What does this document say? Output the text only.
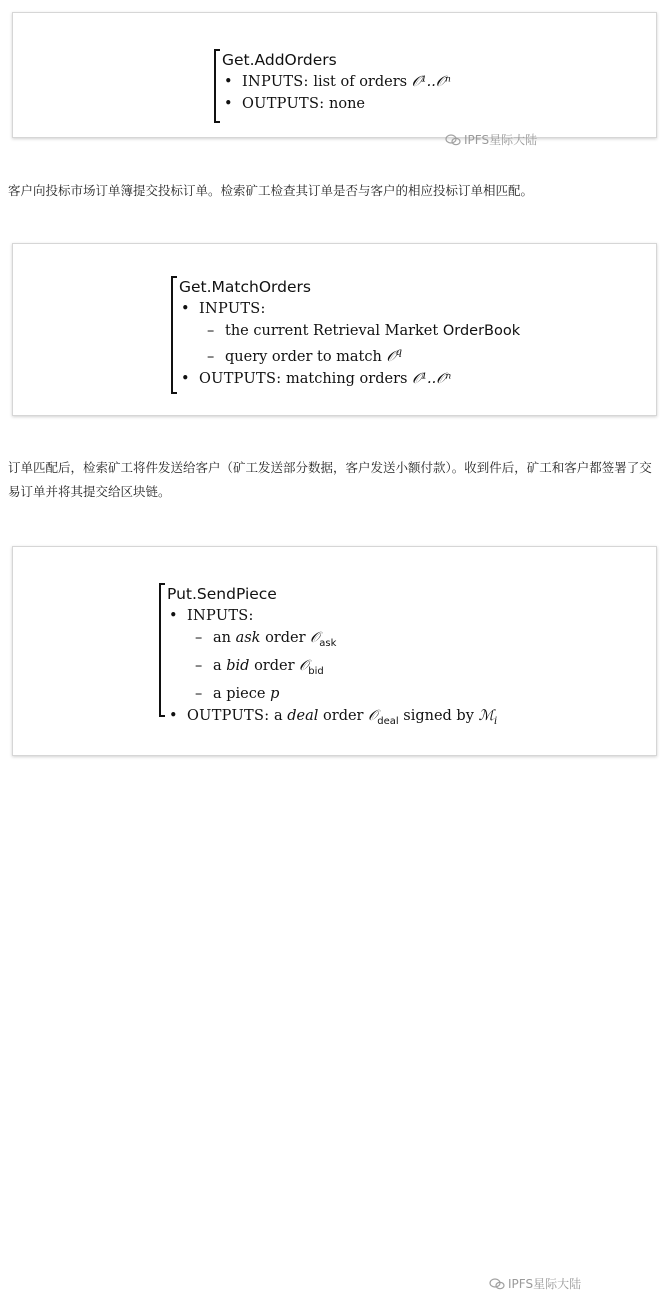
Get.AddOrders
• INPUTS: list of orders 𝒪¹..𝒪ⁿ
• OUTPUTS: none
IPFS星际大陆
客户向投标市场订单簿提交投标订单。检索矿工检查其订单是否与客户的相应投标订单相匹配。
Get.MatchOrders
• INPUTS:
– the current Retrieval Market OrderBook
– query order to match 𝒪$^q$
• OUTPUTS: matching orders 𝒪¹..𝒪ⁿ
订单匹配后，检索矿工将件发送给客户（矿工发送部分数据，客户发送小额付款）。收到件后，矿工和客户都签署了交易订单并将其提交给区块链。
Put.SendPiece
• INPUTS:
– an ask order 𝒪$_{ask}$
– a bid order 𝒪$_{bid}$
– a piece p
• OUTPUTS: a deal order 𝒪$_{deal}$ signed by ℳ$_i$
IPFS星际大陆
